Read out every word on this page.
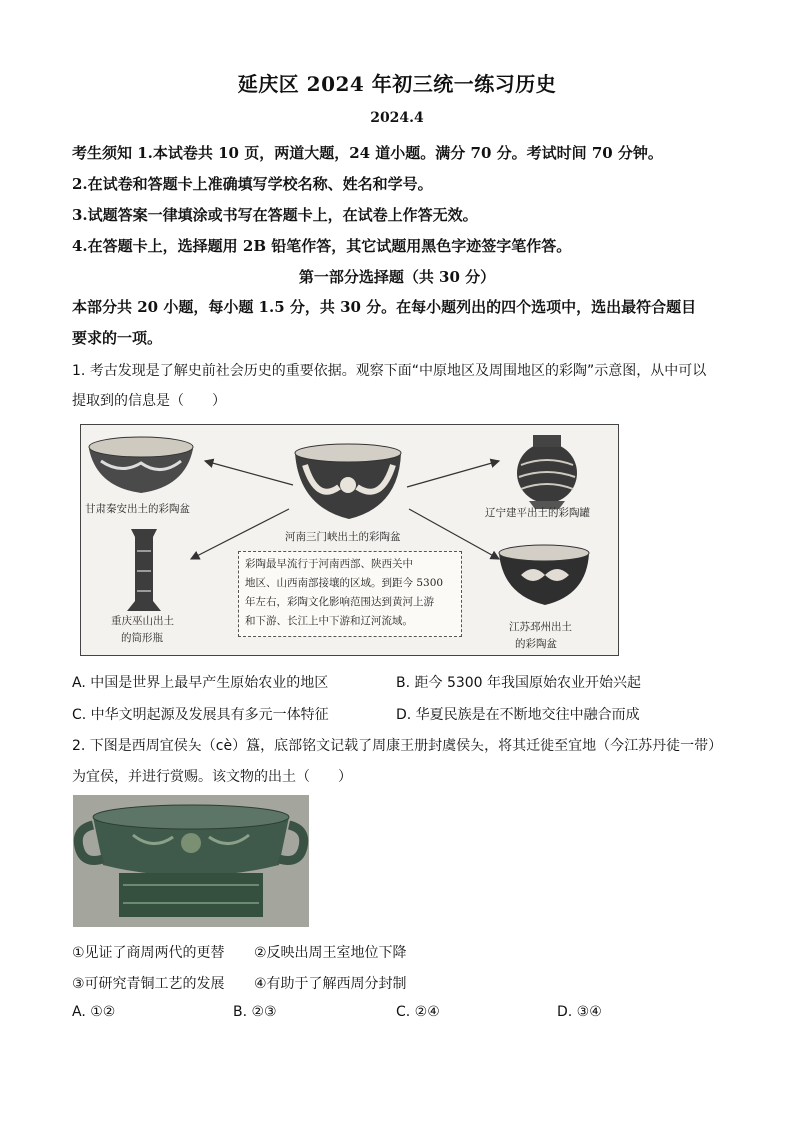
延庆区 2024 年初三统一练习历史
2024.4
考生须知 1.本试卷共 10 页，两道大题，24 道小题。满分 70 分。考试时间 70 分钟。
2.在试卷和答题卡上准确填写学校名称、姓名和学号。
3.试题答案一律填涂或书写在答题卡上，在试卷上作答无效。
4.在答题卡上，选择题用 2B 铅笔作答，其它试题用黑色字迹签字笔作答。
第一部分选择题（共 30 分）
本部分共 20 小题，每小题 1.5 分，共 30 分。在每小题列出的四个选项中，选出最符合题目
要求的一项。
1. 考古发现是了解史前社会历史的重要依据。观察下面“中原地区及周围地区的彩陶”示意图，从中可以
提取到的信息是（　　）
甘肃秦安出土的彩陶盆
河南三门峡出土的彩陶盆
辽宁建平出土的彩陶罐
重庆巫山出土
的筒形瓶
江苏邳州出土
的彩陶盆
彩陶最早流行于河南西部、陕西关中
地区、山西南部接壤的区域。到距今 5300
年左右，彩陶文化影响范围达到黄河上游
和下游、长江上中下游和辽河流域。
A. 中国是世界上最早产生原始农业的地区	B. 距今 5300 年我国原始农业开始兴起
C. 中华文明起源及发展具有多元一体特征	D. 华夏民族是在不断地交往中融合而成
2. 下图是西周宜侯夨（cè）簋，底部铭文记载了周康王册封虞侯夨，将其迁徙至宜地（今江苏丹徒一带）
为宜侯，并进行赏赐。该文物的出土（　　）
①见证了商周两代的更替 ②反映出周王室地位下降
③可研究青铜工艺的发展 ④有助于了解西周分封制
A. ①②	B. ②③	C. ②④	D. ③④
